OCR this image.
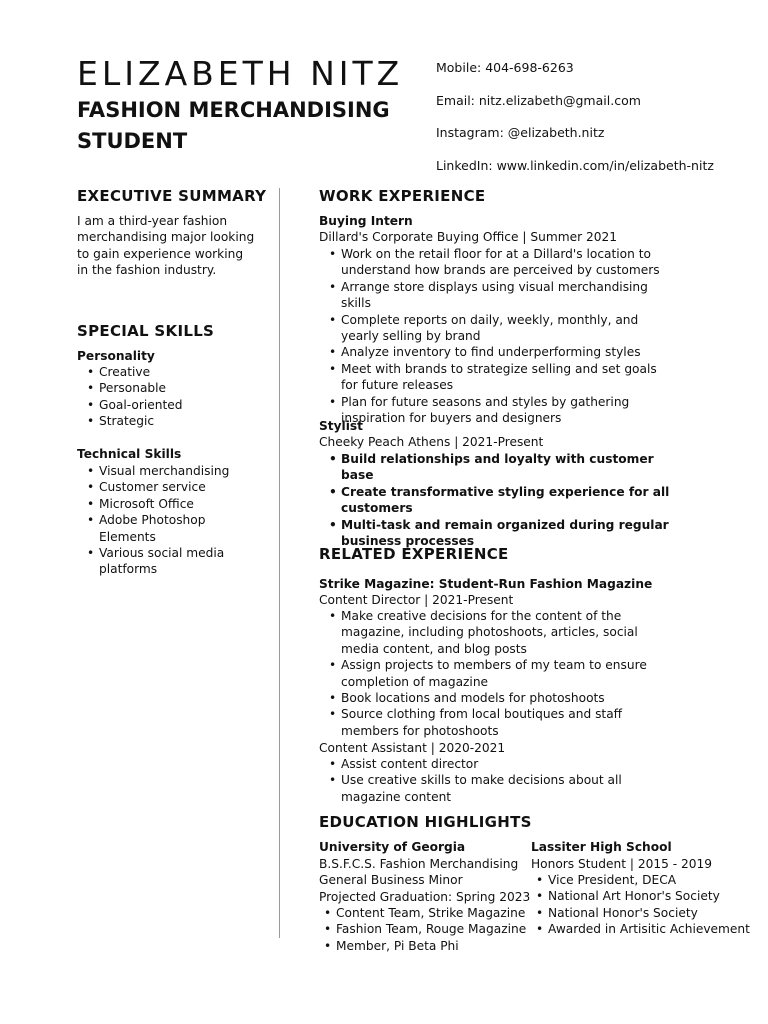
ELIZABETH NITZ
FASHION MERCHANDISING STUDENT
Mobile: 404-698-6263
Email: nitz.elizabeth@gmail.com
Instagram: @elizabeth.nitz
LinkedIn: www.linkedin.com/in/elizabeth-nitz
EXECUTIVE SUMMARY
I am a third-year fashion merchandising major looking to gain experience working in the fashion industry.
SPECIAL SKILLS
Personality
• Creative
• Personable
• Goal-oriented
• Strategic
Technical Skills
• Visual merchandising
• Customer service
• Microsoft Office
• Adobe Photoshop Elements
• Various social media platforms
WORK EXPERIENCE
Buying Intern
Dillard's Corporate Buying Office | Summer 2021
• Work on the retail floor for at a Dillard's location to understand how brands are perceived by customers
• Arrange store displays using visual merchandising skills
• Complete reports on daily, weekly, monthly, and yearly selling by brand
• Analyze inventory to find underperforming styles
• Meet with brands to strategize selling and set goals for future releases
• Plan for future seasons and styles by gathering inspiration for buyers and designers
Stylist
Cheeky Peach Athens | 2021-Present
• Build relationships and loyalty with customer base
• Create transformative styling experience for all customers
• Multi-task and remain organized during regular business processes
RELATED EXPERIENCE
Strike Magazine: Student-Run Fashion Magazine
Content Director | 2021-Present
• Make creative decisions for the content of the magazine, including photoshoots, articles, social media content, and blog posts
• Assign projects to members of my team to ensure completion of magazine
• Book locations and models for photoshoots
• Source clothing from local boutiques and staff members for photoshoots
Content Assistant | 2020-2021
• Assist content director
• Use creative skills to make decisions about all magazine content
EDUCATION HIGHLIGHTS
University of Georgia
B.S.F.C.S. Fashion Merchandising
General Business Minor
Projected Graduation: Spring 2023
• Content Team, Strike Magazine
• Fashion Team, Rouge Magazine
• Member, Pi Beta Phi
Lassiter High School
Honors Student | 2015 - 2019
• Vice President, DECA
• National Art Honor's Society
• National Honor's Society
• Awarded in Artisitic Achievement
